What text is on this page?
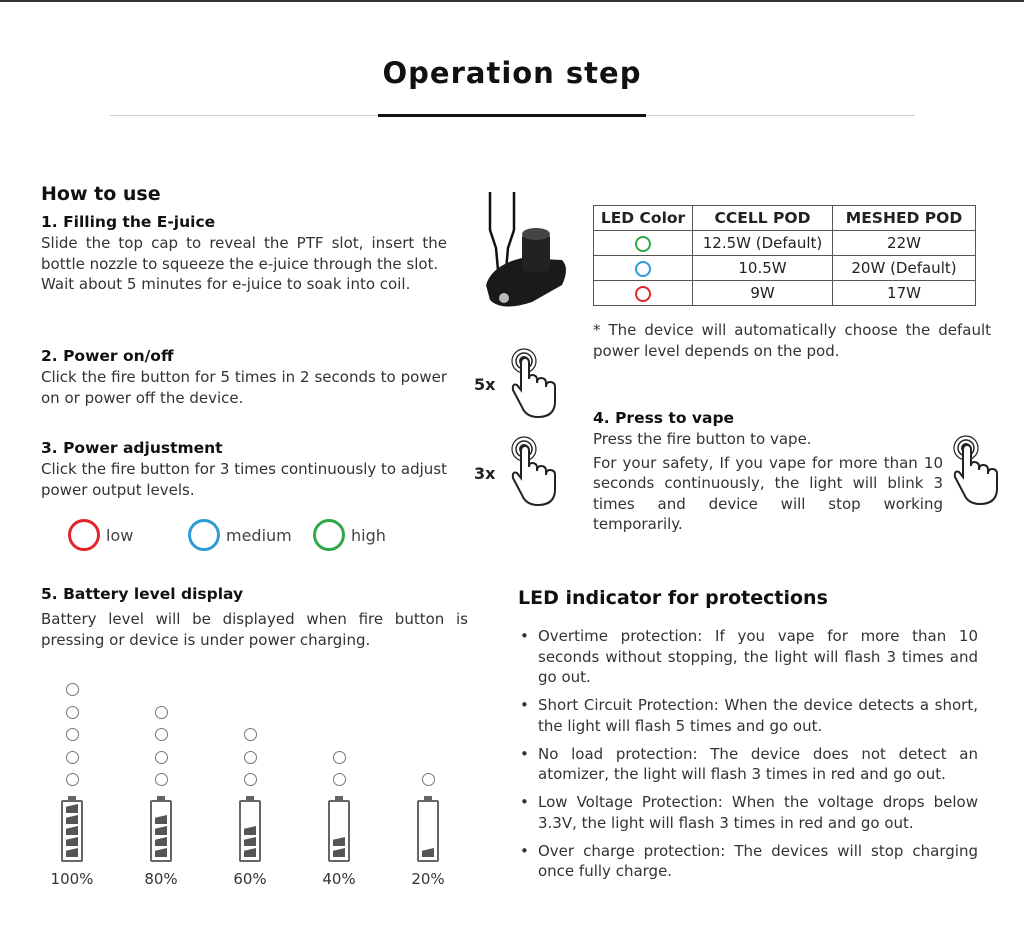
Operation step
How to use
1. Filling the E-juice
Slide the top cap to reveal the PTF slot, insert the bottle nozzle to squeeze the e-juice through the slot.
Wait about 5 minutes for e-juice to soak into coil.
2. Power on/off
Click the fire button for 5 times in 2 seconds to power on or power off the device.
5x
3. Power adjustment
Click the fire button for 3 times continuously to adjust power output levels.
3x
low	medium	high
LED Color	CCELL POD	MESHED POD
	12.5W (Default)	22W
	10.5W	20W (Default)
	9W	17W
* The device will automatically choose the default power level depends on the pod.
4. Press to vape
Press the fire button to vape.
For your safety, If you vape for more than 10 seconds continuously, the light will blink 3 times and device will stop working temporarily.
5. Battery level display
Battery level will be displayed when fire button is pressing or device is under power charging.
100%	80%	60%	40%	20%
LED indicator for protections
• Overtime protection: If you vape for more than 10 seconds without stopping, the light will flash 3 times and go out.
• Short Circuit Protection: When the device detects a short, the light will flash 5 times and go out.
• No load protection: The device does not detect an atomizer, the light will flash 3 times in red and go out.
• Low Voltage Protection: When the voltage drops below 3.3V, the light will flash 3 times in red and go out.
• Over charge protection: The devices will stop charging once fully charge.
